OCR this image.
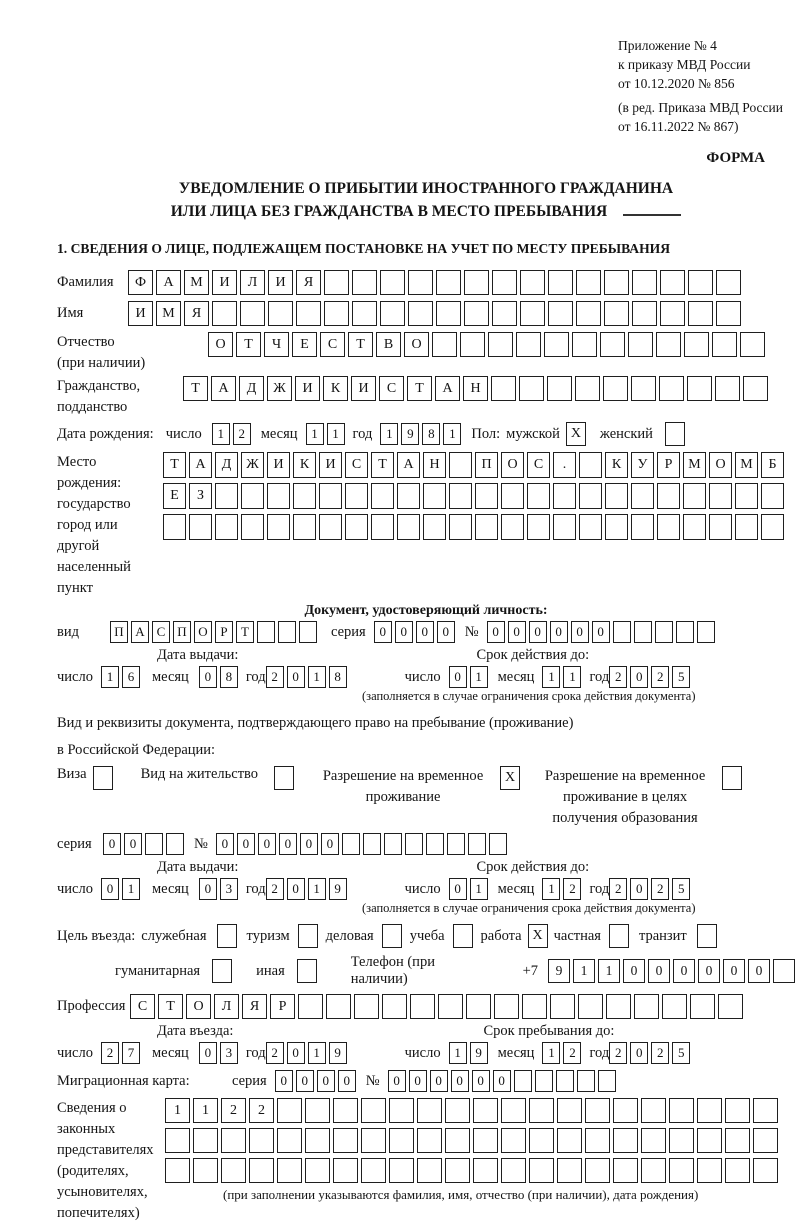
Приложение № 4
к приказу МВД России
от 10.12.2020 № 856
(в ред. Приказа МВД России
от 16.11.2022 № 867)
ФОРМА
УВЕДОМЛЕНИЕ О ПРИБЫТИИ ИНОСТРАННОГО ГРАЖДАНИНА
ИЛИ ЛИЦА БЕЗ ГРАЖДАНСТВА В МЕСТО ПРЕБЫВАНИЯ
1. СВЕДЕНИЯ О ЛИЦЕ, ПОДЛЕЖАЩЕМ ПОСТАНОВКЕ НА УЧЕТ ПО МЕСТУ ПРЕБЫВАНИЯ
Фамилия	Ф	А	М	И	Л	И	Я
Имя	И	М	Я
Отчество
(при наличии)
О	Т	Ч	Е	С	Т	В	О
Гражданство,
подданство
Т	А	Д	Ж	И	К	И	С	Т	А	Н
Дата рождения: число	1	2	месяц	1	1 год	1	9	8	1	Пол: мужской X	женский
Место рождения:
государство
город или другой
населенный пункт
Т	А	Д	Ж	И	К	И	С	Т	А	Н	П	О	С	.	К	У	Р	М	О	М	Б
Е	З
Документ, удостоверяющий личность:
вид	П А С П О Р	Т	серия	0	0	0	0	№	0	0	0	0	0	0
Дата выдачи:	Срок действия до:
число	1	6	месяц	0	8 год 2	0	1	8	число	0	1	месяц	1	1 год 2	0	2	5
(заполняется в случае ограничения срока действия документа)
Вид и реквизиты документа, подтверждающего право на пребывание (проживание)
в Российской Федерации:
Виза	Вид на жительство	Разрешение на временное
проживание
X	Разрешение на временное
проживание в целях
получения образования
серия	0	0	№	0	0	0	0	0	0
Дата выдачи:	Срок действия до:
число	0	1	месяц	0	3 год 2	0	1	9	число	0	1	месяц	1	2 год 2	0	2	5
(заполняется в случае ограничения срока действия документа)
Цель въезда: служебная	туризм деловая учеба работа X частная	транзит
гуманитарная	иная
Телефон (при наличии)
+7	9	1	1	0	0	0	0	0	0
Профессия С	Т	О	Л	Я	Р
Дата въезда:	Срок пребывания до:
число	2	7	месяц	0	3 год 2	0	1	9	число	1	9	месяц	1	2 год 2	0	2	5
Миграционная карта:	серия	0	0	0	0	№	0	0	0	0	0	0
Сведения о
законных
представителях
(родителях,
усыновителях,
попечителях)
1	1	2	2
(при заполнении указываются фамилия, имя, отчество (при наличии), дата рождения)
